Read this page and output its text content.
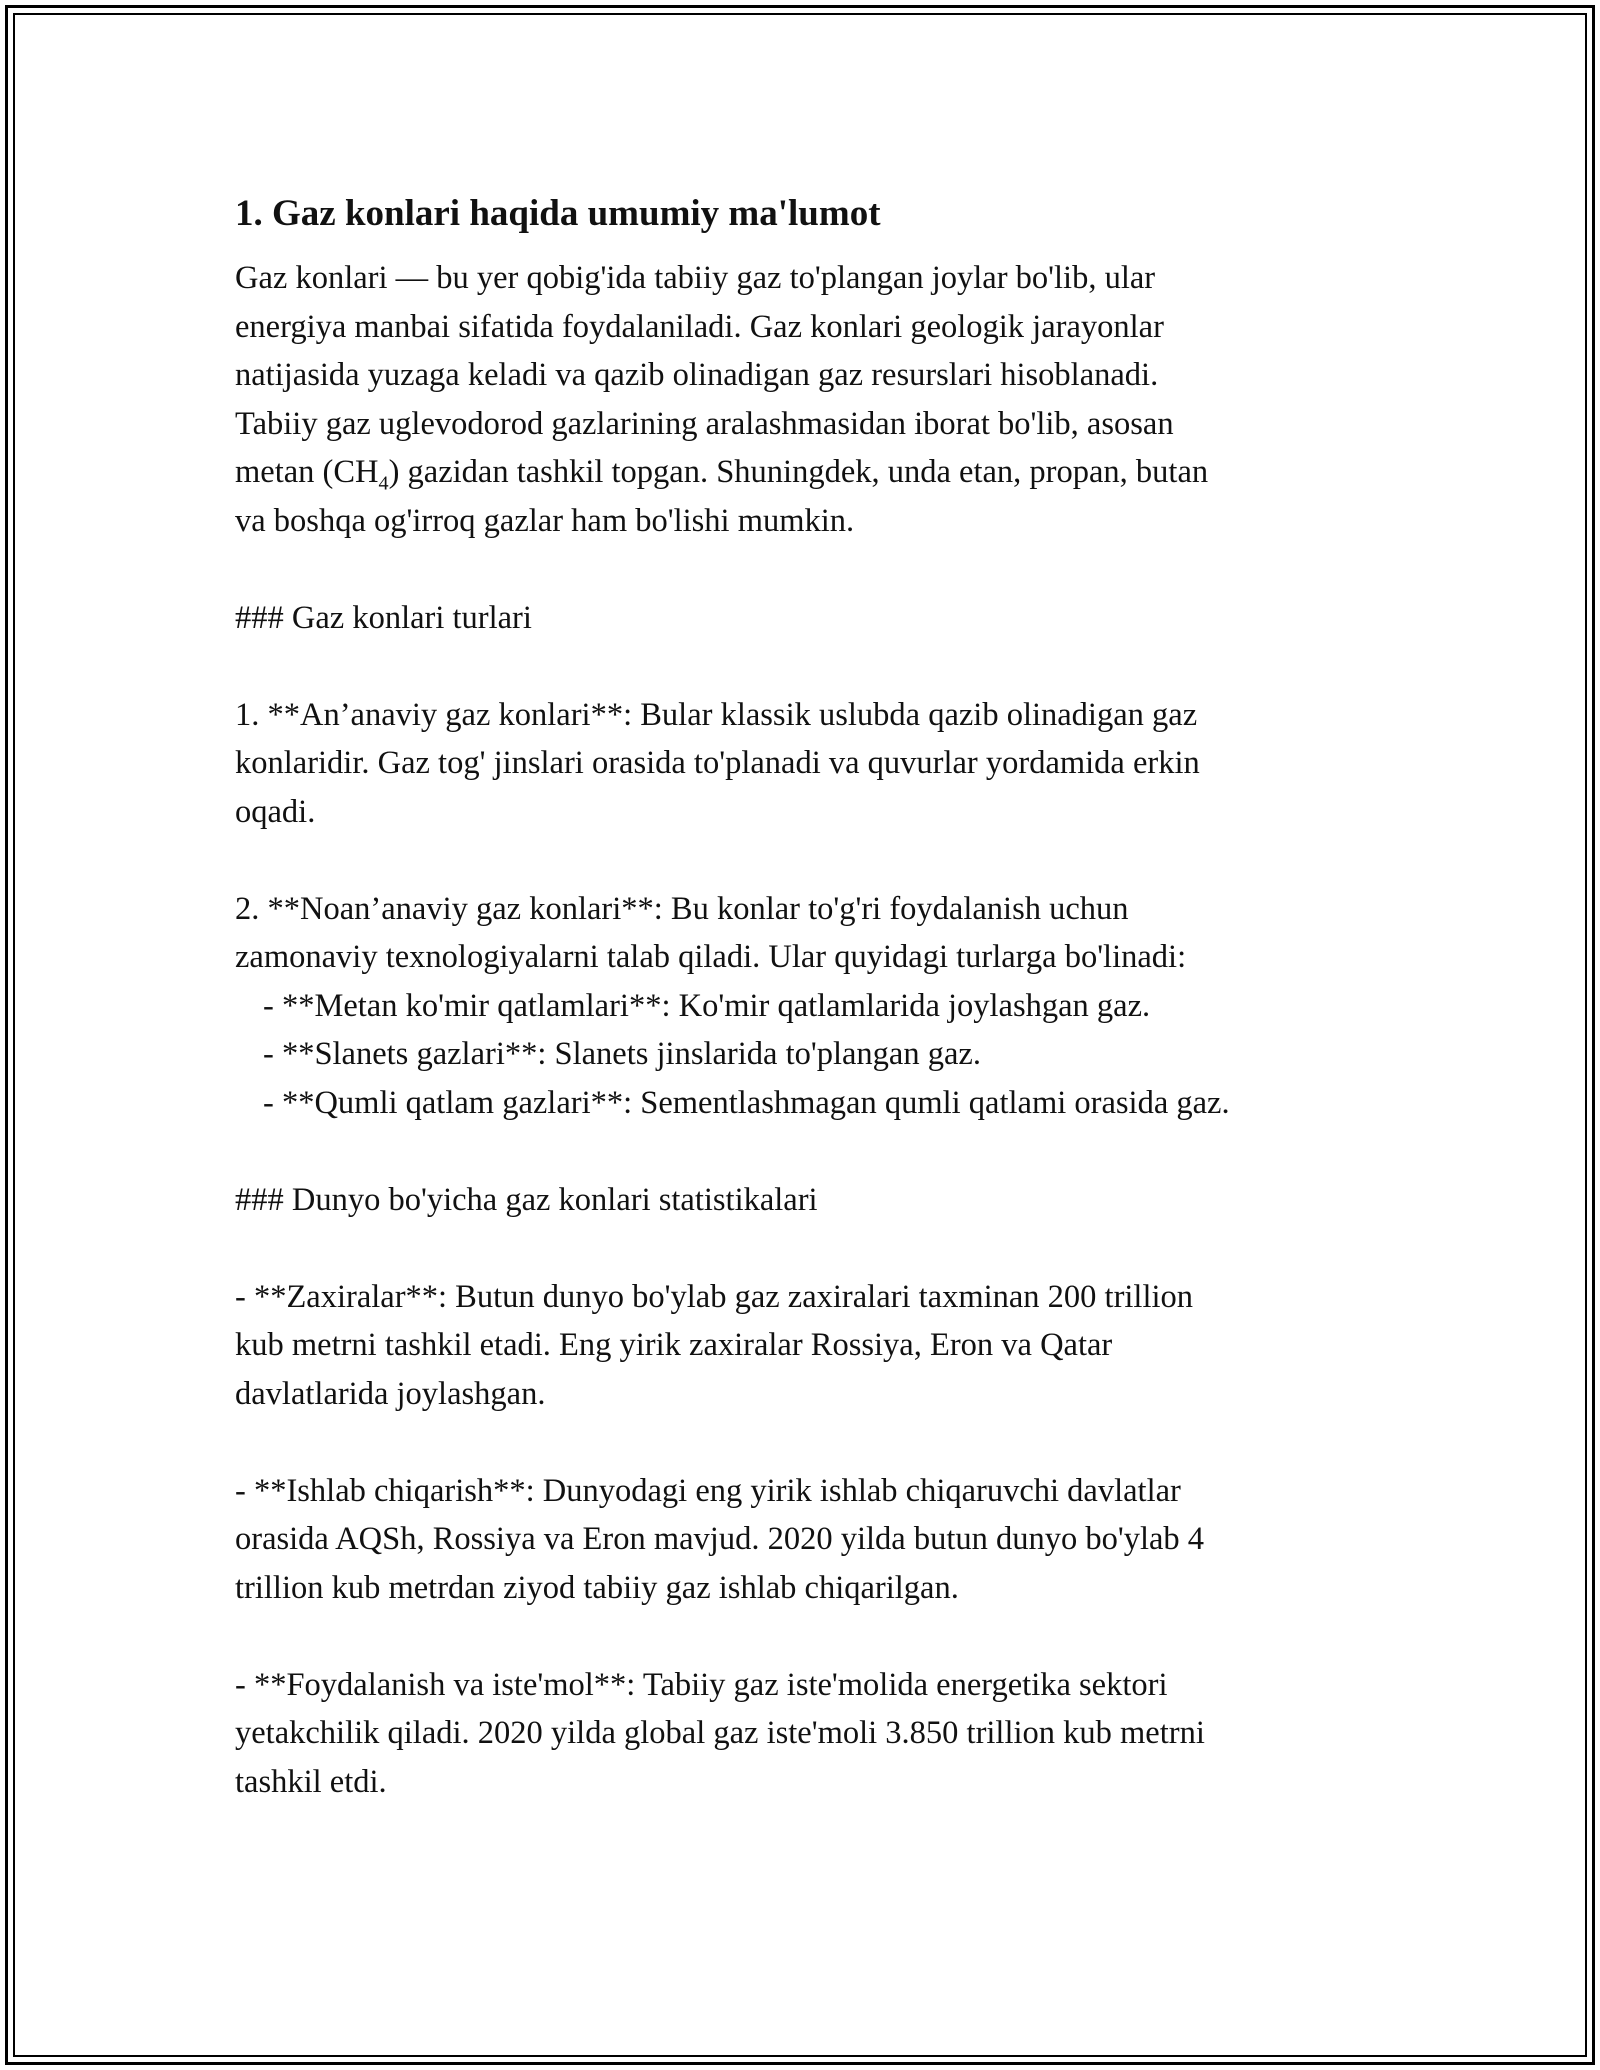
1. Gaz konlari haqida umumiy ma'lumot
Gaz konlari — bu yer qobig'ida tabiiy gaz to'plangan joylar bo'lib, ular
energiya manbai sifatida foydalaniladi. Gaz konlari geologik jarayonlar
natijasida yuzaga keladi va qazib olinadigan gaz resurslari hisoblanadi.
Tabiiy gaz uglevodorod gazlarining aralashmasidan iborat bo'lib, asosan
metan $(CH_4)$ gazidan tashkil topgan. Shuningdek, unda etan, propan, butan
va boshqa og'irroq gazlar ham bo'lishi mumkin.
### Gaz konlari turlari
1. **An’anaviy gaz konlari**: Bular klassik uslubda qazib olinadigan gaz
konlaridir. Gaz tog' jinslari orasida to'planadi va quvurlar yordamida erkin
oqadi.
2. **Noan’anaviy gaz konlari**: Bu konlar to'g'ri foydalanish uchun
zamonaviy texnologiyalarni talab qiladi. Ular quyidagi turlarga bo'linadi:
- **Metan ko'mir qatlamlari**: Ko'mir qatlamlarida joylashgan gaz.
- **Slanets gazlari**: Slanets jinslarida to'plangan gaz.
- **Qumli qatlam gazlari**: Sementlashmagan qumli qatlami orasida gaz.
### Dunyo bo'yicha gaz konlari statistikalari
- **Zaxiralar**: Butun dunyo bo'ylab gaz zaxiralari taxminan 200 trillion
kub metrni tashkil etadi. Eng yirik zaxiralar Rossiya, Eron va Qatar
davlatlarida joylashgan.
- **Ishlab chiqarish**: Dunyodagi eng yirik ishlab chiqaruvchi davlatlar
orasida AQSh, Rossiya va Eron mavjud. 2020 yilda butun dunyo bo'ylab 4
trillion kub metrdan ziyod tabiiy gaz ishlab chiqarilgan.
- **Foydalanish va iste'mol**: Tabiiy gaz iste'molida energetika sektori
yetakchilik qiladi. 2020 yilda global gaz iste'moli 3.850 trillion kub metrni
tashkil etdi.
